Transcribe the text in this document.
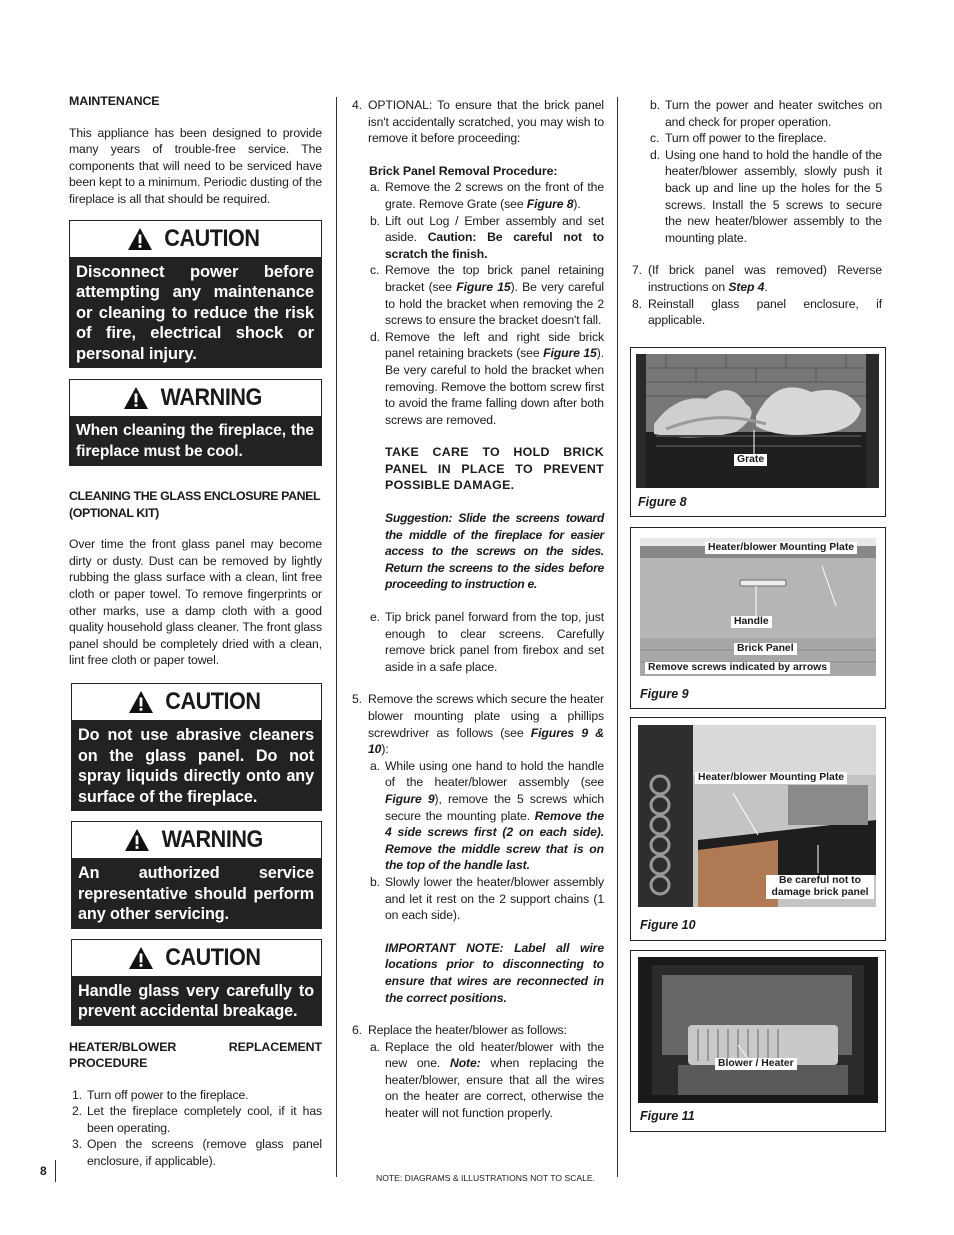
MAINTENANCE

This appliance has been designed to provide many years of trouble-free service. The components that will need to be serviced have been kept to a minimum. Periodic dusting of the fireplace is all that should be required.

CAUTION
Disconnect power before attempting any maintenance or cleaning to reduce the risk of fire, electrical shock or personal injury.
WARNING
When cleaning the fireplace, the fireplace must be cool.

CLEANING THE GLASS ENCLOSURE PANEL (OPTIONAL KIT)

Over time the front glass panel may become dirty or dusty. Dust can be removed by lightly rubbing the glass surface with a clean, lint free cloth or paper towel. To remove fingerprints or other marks, use a damp cloth with a good quality household glass cleaner. The front glass panel should be completely dried with a clean, lint free cloth or paper towel.

CAUTION
Do not use abrasive cleaners on the glass panel. Do not spray liquids directly onto any surface of the fireplace.
WARNING
An authorized service representative should perform any other servicing.
CAUTION
Handle glass very carefully to prevent accidental breakage.

HEATER/BLOWER REPLACEMENT PROCEDURE

1. Turn off power to the fireplace.
2. Let the fireplace completely cool, if it has been operating.
3. Open the screens (remove glass panel enclosure, if applicable).
4. OPTIONAL: To ensure that the brick panel isn't accidentally scratched, you may wish to remove it before proceeding:

Brick Panel Removal Procedure:

a. Remove the 2 screws on the front of the grate. Remove Grate (see Figure 8).
b. Lift out Log / Ember assembly and set aside. Caution: Be careful not to scratch the finish.
c. Remove the top brick panel retaining bracket (see Figure 15). Be very careful to hold the bracket when removing the 2 screws to ensure the bracket doesn't fall.
d. Remove the left and right side brick panel retaining brackets (see Figure 15). Be very careful to hold the bracket when removing. Remove the bottom screw first to avoid the frame falling down after both screws are removed.

TAKE CARE TO HOLD BRICK PANEL IN PLACE TO PREVENT POSSIBLE DAMAGE.

Suggestion: Slide the screens toward the middle of the fireplace for easier access to the screws on the sides. Return the screens to the sides before proceeding to instruction e.

e. Tip brick panel forward from the top, just enough to clear screens. Carefully remove brick panel from firebox and set aside in a safe place.
5. Remove the screws which secure the heater blower mounting plate using a phillips screwdriver as follows (see Figures 9 & 10):
a. While using one hand to hold the handle of the heater/blower assembly (see Figure 9), remove the 5 screws which secure the mounting plate. Remove the 4 side screws first (2 on each side). Remove the middle screw that is on the top of the handle last.
b. Slowly lower the heater/blower assembly and let it rest on the 2 support chains (1 on each side).

IMPORTANT NOTE: Label all wire locations prior to disconnecting to ensure that wires are reconnected in the correct positions.

6. Replace the heater/blower as follows:
a. Replace the old heater/blower with the new one. Note: when replacing the heater/blower, ensure that all the wires on the heater are correct, otherwise the heater will not function properly.
b. Turn the power and heater switches on and check for proper operation.
c. Turn off power to the fireplace.
d. Using one hand to hold the handle of the heater/blower assembly, slowly push it back up and line up the holes for the 5 screws. Install the 5 screws to secure the new heater/blower assembly to the mounting plate.
7. (If brick panel was removed) Reverse instructions on Step 4.
8. Reinstall glass panel enclosure, if applicable.
Grate
Figure 8
Heater/blower Mounting Plate
Handle
Brick Panel
Remove screws indicated by arrows
Figure 9
Heater/blower Mounting Plate
Be careful not to damage brick panel
Figure 10
Blower / Heater
Figure 11
8	NOTE: DIAGRAMS & ILLUSTRATIONS NOT TO SCALE.
